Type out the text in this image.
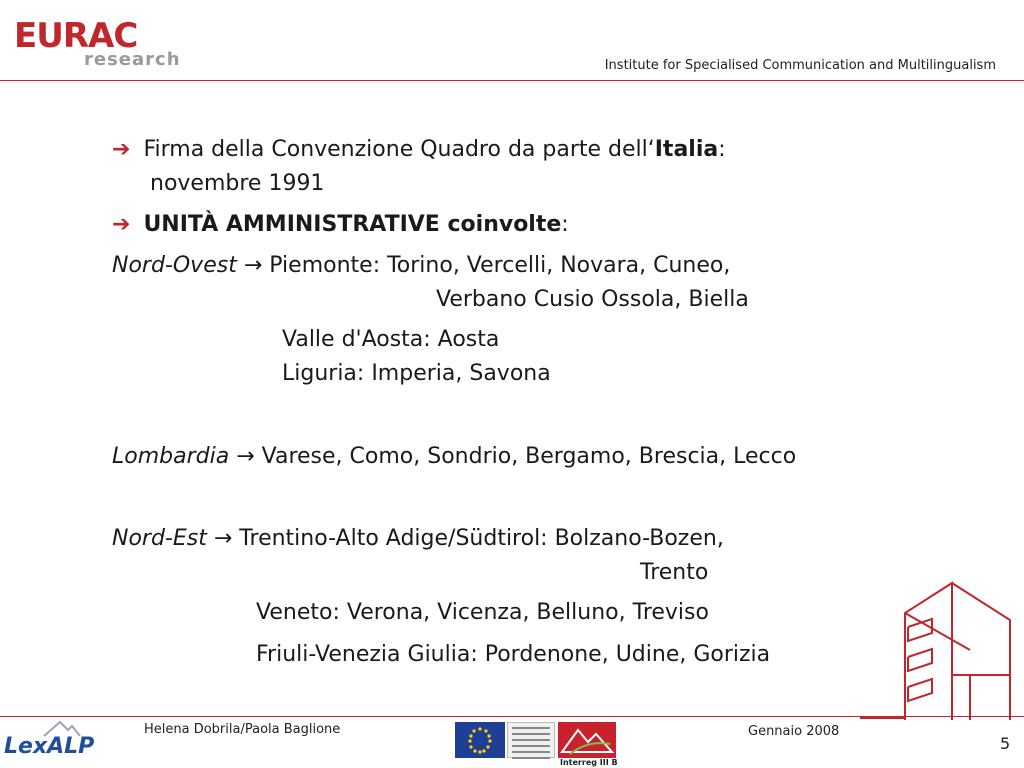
EURAC
research	Institute for Specialised Communication and Multilingualism
➔ Firma della Convenzione Quadro da parte dell‘Italia:
novembre 1991
➔ UNITÀ AMMINISTRATIVE coinvolte:
Nord-Ovest → Piemonte: Torino, Vercelli, Novara, Cuneo,
Verbano Cusio Ossola, Biella
Valle d'Aosta: Aosta
Liguria: Imperia, Savona
Lombardia → Varese, Como, Sondrio, Bergamo, Brescia, Lecco
Nord-Est → Trentino-Alto Adige/Südtirol: Bolzano-Bozen,
Trento
Veneto: Verona, Vicenza, Belluno, Treviso
Friuli-Venezia Giulia: Pordenone, Udine, Gorizia
LexALP
Helena Dobrila/Paola Baglione
Interreg III B
Gennaio 2008
5
